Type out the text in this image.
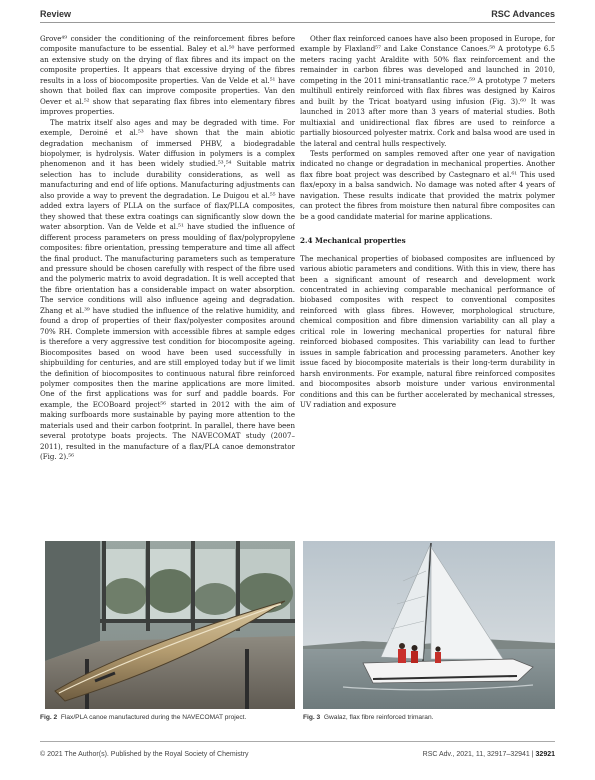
Review	RSC Advances

Grove⁴⁹ consider the conditioning of the reinforcement fibres before composite manufacture to be essential. Baley et al.⁵⁰ have performed an extensive study on the drying of flax fibres and its impact on the composite properties. It appears that excessive drying of the fibres results in a loss of biocomposite properties. Van de Velde et al.⁵¹ have shown that boiled flax can improve composite properties. Van den Oever et al.⁵² show that separating flax fibres into elementary fibres improves properties.

The matrix itself also ages and may be degraded with time. For exemple, Deroiné et al.⁵³ have shown that the main abiotic degradation mechanism of immersed PHBV, a biodegradable biopolymer, is hydrolysis. Water diffusion in polymers is a complex phenomenon and it has been widely studied.⁵³,⁵⁴ Suitable matrix selection has to include durability considerations, as well as manufacturing and end of life options. Manufacturing adjustments can also provide a way to prevent the degradation. Le Duigou et al.⁵⁵ have added extra layers of PLLA on the surface of flax/PLLA composites, they showed that these extra coatings can significantly slow down the water absorption. Van de Velde et al.⁵¹ have studied the influence of different process parameters on press moulding of flax/polypropylene composites: fibre orientation, pressing temperature and time all affect the final product. The manufacturing parameters such as temperature and pressure should be chosen carefully with respect of the fibre used and the polymeric matrix to avoid degradation. It is well accepted that the fibre orientation has a considerable impact on water absorption. The service conditions will also influence ageing and degradation. Zhang et al.³⁹ have studied the influence of the relative humidity, and found a drop of properties of their flax/polyester composites around 70% RH. Complete immersion with accessible fibres at sample edges is therefore a very aggressive test condition for biocomposite ageing. Biocomposites based on wood have been used successfully in shipbuilding for centuries, and are still employed today but if we limit the definition of biocomposites to continuous natural fibre reinforced polymer composites then the marine applications are more limited. One of the first applications was for surf and paddle boards. For example, the ECOBoard project⁵⁶ started in 2012 with the aim of making surfboards more sustainable by paying more attention to the materials used and their carbon footprint. In parallel, there have been several prototype boats projects. The NAVECOMAT study (2007–2011), resulted in the manufacture of a flax/PLA canoe demonstrator (Fig. 2).⁵⁶

Other flax reinforced canoes have also been proposed in Europe, for example by Flaxland⁵⁷ and Lake Constance Canoes.⁵⁸ A prototype 6.5 meters racing yacht Araldite with 50% flax reinforcement and the remainder in carbon fibres was developed and launched in 2010, competing in the 2011 mini-transatlantic race.⁵⁹ A prototype 7 meters multihull entirely reinforced with flax fibres was designed by Kairos and built by the Tricat boatyard using infusion (Fig. 3).⁶⁰ It was launched in 2013 after more than 3 years of material studies. Both multiaxial and unidirectional flax fibres are used to reinforce a partially biosourced polyester matrix. Cork and balsa wood are used in the lateral and central hulls respectively.

Tests performed on samples removed after one year of navigation indicated no change or degradation in mechanical properties. Another flax fibre boat project was described by Castegnaro et al.⁶¹ This used flax/epoxy in a balsa sandwich. No damage was noted after 4 years of navigation. These results indicate that provided the matrix polymer can protect the fibres from moisture then natural fibre composites can be a good candidate material for marine applications.

2.4 Mechanical properties

The mechanical properties of biobased composites are influenced by various abiotic parameters and conditions. With this in view, there has been a significant amount of research and development work concentrated in achieving comparable mechanical performance of biobased composites with respect to conventional composites reinforced with glass fibres. However, morphological structure, chemical composition and fibre dimension variability can all play a critical role in lowering mechanical properties for natural fibre reinforced biobased composites. This variability can lead to further issues in sample fabrication and processing parameters. Another key issue faced by biocomposite materials is their long-term durability in harsh environments. For example, natural fibre reinforced composites and biocomposites absorb moisture under various environmental conditions and this can be further accelerated by mechanical stresses, UV radiation and exposure

Fig. 2 Flax/PLA canoe manufactured during the NAVECOMAT project.	Fig. 3 Gwalaz, flax fibre reinforced trimaran.
© 2021 The Author(s). Published by the Royal Society of Chemistry	RSC Adv., 2021, 11, 32917–32941 | 32921
